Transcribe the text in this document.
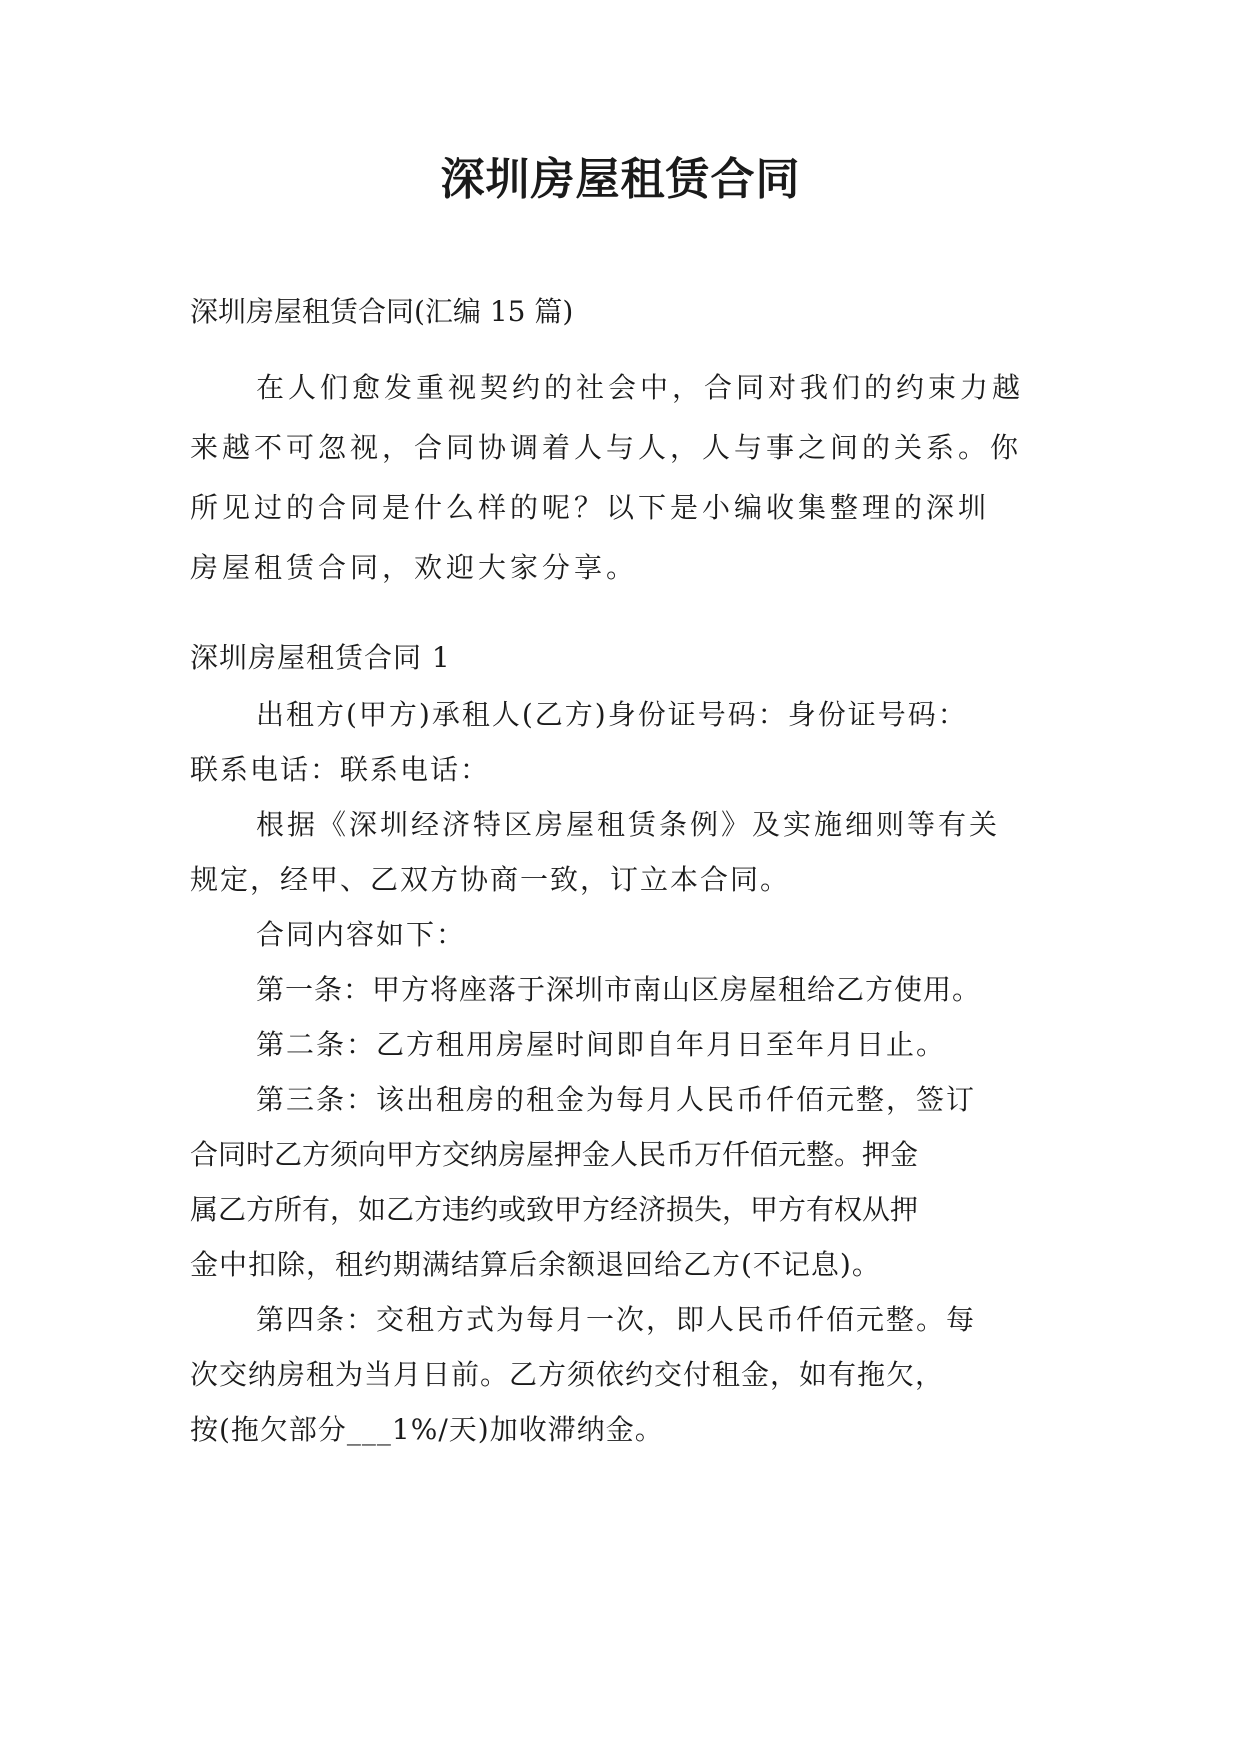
深圳房屋租赁合同
深圳房屋租赁合同(汇编 15 篇)
在人们愈发重视契约的社会中，合同对我们的约束力越
来越不可忽视，合同协调着人与人，人与事之间的关系。你
所见过的合同是什么样的呢？以下是小编收集整理的深圳
房屋租赁合同，欢迎大家分享。
深圳房屋租赁合同 1
出租方(甲方)承租人(乙方)身份证号码：身份证号码：
联系电话：联系电话：
根据《深圳经济特区房屋租赁条例》及实施细则等有关
规定，经甲、乙双方协商一致，订立本合同。
合同内容如下：
第一条：甲方将座落于深圳市南山区房屋租给乙方使用。
第二条：乙方租用房屋时间即自年月日至年月日止。
第三条：该出租房的租金为每月人民币仟佰元整，签订
合同时乙方须向甲方交纳房屋押金人民币万仟佰元整。押金
属乙方所有，如乙方违约或致甲方经济损失，甲方有权从押
金中扣除，租约期满结算后余额退回给乙方(不记息)。
第四条：交租方式为每月一次，即人民币仟佰元整。每
次交纳房租为当月日前。乙方须依约交付租金，如有拖欠，
按(拖欠部分___1%/天)加收滞纳金。
